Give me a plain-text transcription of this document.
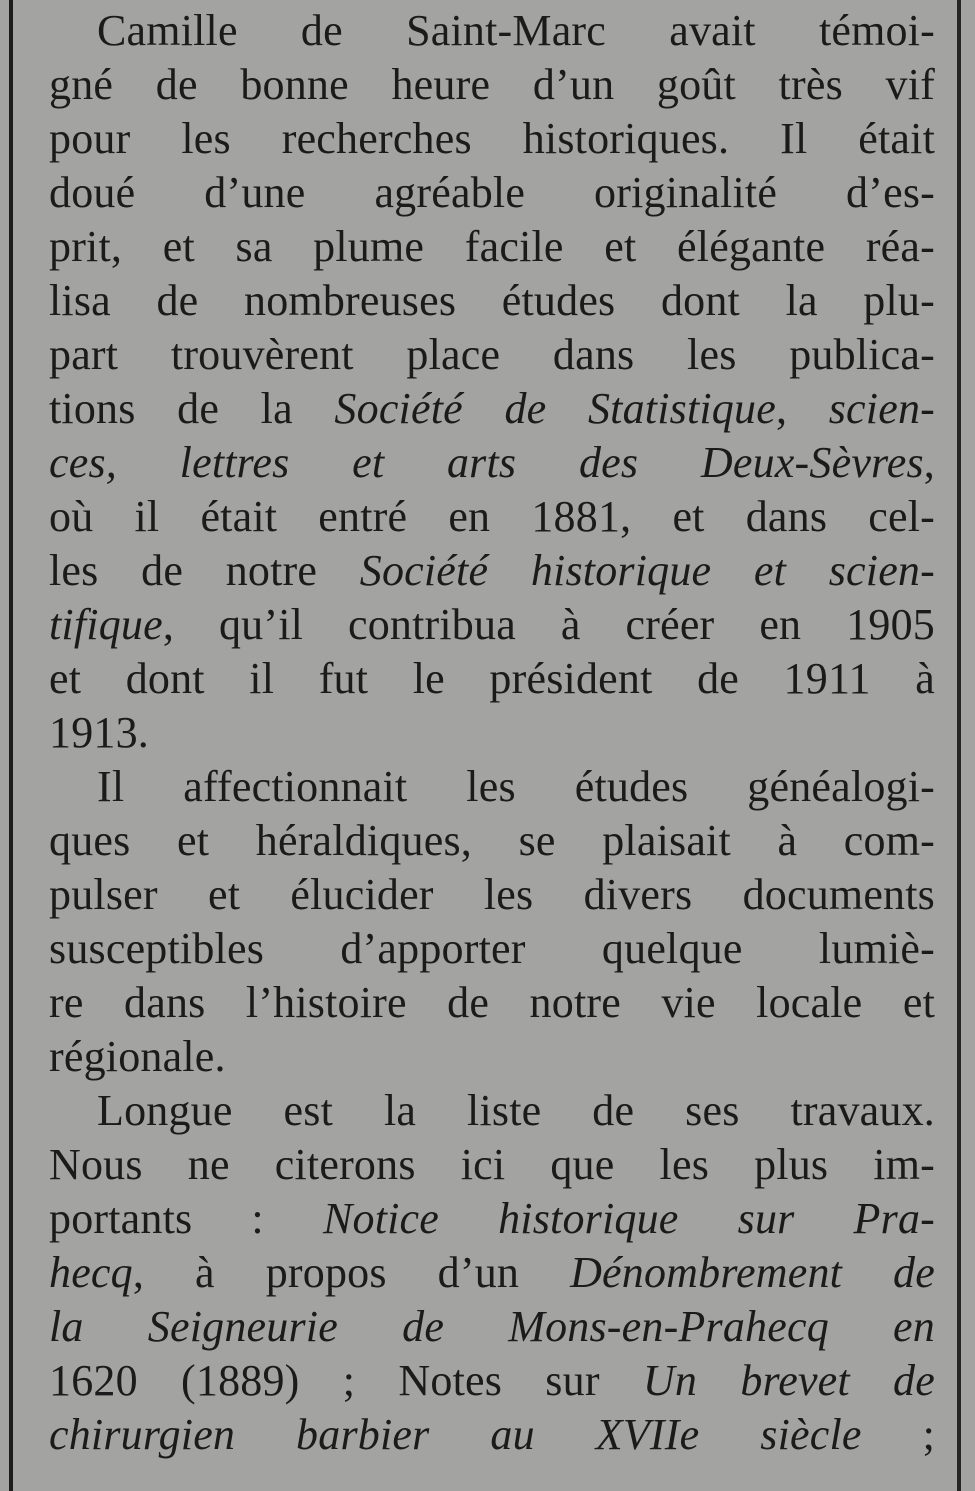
Camille de Saint-Marc avait témoi-
gné de bonne heure d’un goût très vif
pour les recherches historiques. Il était
doué d’une agréable originalité d’es-
prit, et sa plume facile et élégante réa-
lisa de nombreuses études dont la plu-
part trouvèrent place dans les publica-
tions de la Société de Statistique, scien-
ces, lettres et arts des Deux-Sèvres,
où il était entré en 1881, et dans cel-
les de notre Société historique et scien-
tifique, qu’il contribua à créer en 1905
et dont il fut le président de 1911 à
1913.
Il affectionnait les études généalogi-
ques et héraldiques, se plaisait à com-
pulser et élucider les divers documents
susceptibles d’apporter quelque lumiè-
re dans l’histoire de notre vie locale et
régionale.
Longue est la liste de ses travaux.
Nous ne citerons ici que les plus im-
portants : Notice historique sur Pra-
hecq, à propos d’un Dénombrement de
la Seigneurie de Mons-en-Prahecq en
1620 (1889) ; Notes sur Un brevet de
chirurgien barbier au XVIIe siècle ;
